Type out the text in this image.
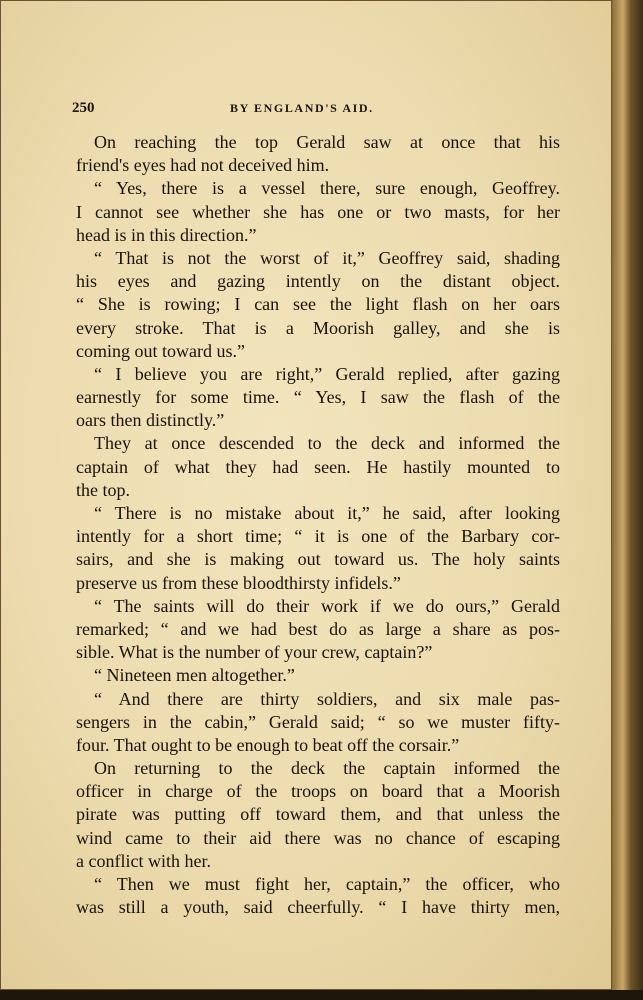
250	BY ENGLAND'S AID.
On reaching the top Gerald saw at once that his
friend's eyes had not deceived him.
“ Yes, there is a vessel there, sure enough, Geoffrey.
I cannot see whether she has one or two masts, for her
head is in this direction.”
“ That is not the worst of it,” Geoffrey said, shading
his eyes and gazing intently on the distant object.
“ She is rowing; I can see the light flash on her oars
every stroke. That is a Moorish galley, and she is
coming out toward us.”
“ I believe you are right,” Gerald replied, after gazing
earnestly for some time. “ Yes, I saw the flash of the
oars then distinctly.”
They at once descended to the deck and informed the
captain of what they had seen. He hastily mounted to
the top.
“ There is no mistake about it,” he said, after looking
intently for a short time; “ it is one of the Barbary cor-
sairs, and she is making out toward us. The holy saints
preserve us from these bloodthirsty infidels.”
“ The saints will do their work if we do ours,” Gerald
remarked; “ and we had best do as large a share as pos-
sible. What is the number of your crew, captain?”
“ Nineteen men altogether.”
“ And there are thirty soldiers, and six male pas-
sengers in the cabin,” Gerald said; “ so we muster fifty-
four. That ought to be enough to beat off the corsair.”
On returning to the deck the captain informed the
officer in charge of the troops on board that a Moorish
pirate was putting off toward them, and that unless the
wind came to their aid there was no chance of escaping
a conflict with her.
“ Then we must fight her, captain,” the officer, who
was still a youth, said cheerfully. “ I have thirty men,
